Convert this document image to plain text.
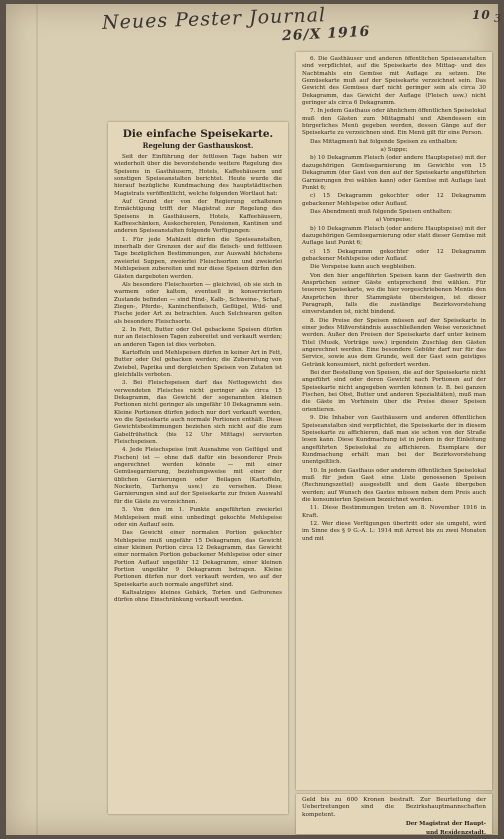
Neues Pester Journal
26/X 1916
10 3
Die einfache Speisekarte.
Regelung der Gasthauskost.

Seit der Einführung der fettlosen Tage haben wir wiederholt über die bevorstehende weitere Regelung des Speisens in Gasthäusern, Hotels, Kaffeehäusern und sonstigen Speiseanstalten berichtet. Heute wurde die hierauf bezügliche Kundmachung des hauptstädtischen Magistrats veröffentlicht, welche folgenden Wortlaut hat:

Auf Grund der von der Regierung erhaltenen Ermächtigung trifft der Magistrat zur Regelung des Speisens in Gasthäusern, Hotels, Kaffeehäusern, Kaffeeschänken, Auskochereien, Pensionen, Kantinen und anderen Speiseanstalten folgende Verfügungen:

1. Für jede Mahlzeit dürfen die Speiseanstalten, innerhalb der Grenzen der auf die fleisch- und fettlosen Tage bezüglichen Bestimmungen, zur Auswahl höchstens zweierlei Suppen, zweierlei Fleischsorten und zweierlei Mehlspeisen zubereiten und nur diese Speisen dürfen den Gästen dargeboten werden.

Als besondere Fleischsorten — gleichviel, ob sie sich in warmem oder kaltem, eventuell in konserviertem Zustande befinden — sind Rind-, Kalb-, Schweine-, Schaf-, Ziegen-, Pferde-, Kaninchenfleisch, Geflügel, Wild- und Fische jeder Art zu betrachten. Auch Selchwaren gelten als besondere Fleischsorte.

2. In Fett, Butter oder Oel gebackene Speisen dürfen nur an fleischlosen Tagen zubereitet und verkauft werden; an anderen Tagen ist dies verboten.

Kartoffeln und Mehlspeisen dürfen in keiner Art in Fett, Butter oder Oel gebacken werden; die Zubereitung von Zwiebel, Paprika und dergleichen Speisen von Zutaten ist gleichfalls verboten.

3. Bei Fleischspeisen darf das Nettogewicht des verwendeten Fleisches nicht geringer als circa 15 Dekagramm, das Gewicht der sogenannten kleinen Portionen nicht geringer als ungefähr 10 Dekagramm sein. Kleine Portionen dürfen jedoch nur dort verkauft werden, wo die Speisekarte auch normale Portionen enthält. Diese Gewichtsbestimmungen beziehen sich nicht auf die zum Gabelfrühstück (bis 12 Uhr Mittags) servierten Fleischspeisen.

4. Jede Fleischspeise (mit Ausnahme von Geflügel und Fischen) ist — ohne daß dafür ein besonderer Preis angerechnet werden könnte — mit einer Gemüsegarnierung, beziehungsweise mit einer der üblichen Garnierungen oder Beilagen (Kartoffeln, Nockerln, Tarhonya usw.) zu versehen. Diese Garnierungen sind auf der Speisekarte zur freien Auswahl für die Gäste zu verzeichnen.

5. Von den im 1. Punkte angeführten zweierlei Mehlspeisen muß eine unbedingt gekochte Mehlspeise oder ein Auflauf sein.

Das Gewicht einer normalen Portion gekochter Mehlspeise muß ungefähr 15 Dekagramm, das Gewicht einer kleinen Portion circa 12 Dekagramm, das Gewicht einer normalen Portion gebackener Mehlspeise oder einer Portion Auflauf ungefähr 12 Dekagramm, einer kleinen Portion ungefähr 9 Dekagramm betragen. Kleine Portionen dürfen nur dort verkauft werden, wo auf der Speisekarte auch normale angeführt sind.

Kaltsalziges kleines Gebäck, Torten und Gefrorenes dürfen ohne Einschränkung verkauft werden.

6. Die Gasthäuser und anderen öffentlichen Speiseanstalten sind verpflichtet, auf die Speisekarte des Mittag- und des Nachtmahls ein Gemüse mit Auflage zu setzen. Die Gemüsekarte muß auf der Speisekarte verzeichnet sein. Das Gewicht des Gemüses darf nicht geringer sein als circa 30 Dekagramm, das Gewicht der Auflage (Fleisch usw.) nicht geringer als circa 6 Dekagramm.

7. In jedem Gasthaus oder ähnlichem öffentlichen Speiselokal muß den Gästen zum Mittagmahl und Abendessen ein bürgerliches Menü gegeben werden, dessen Gänge auf der Speisekarte zu verzeichnen sind. Ein Menü gilt für eine Person.

Das Mittagmenü hat folgende Speisen zu enthalten:

a) Suppe;

b) 10 Dekagramm Fleisch (oder andere Hauptspeise) mit der dazugehörigen Gemüsegarnierung im Gewichte von 15 Dekagramm (der Gast von den auf der Speisekarte angeführten Garnierungen frei wählen kann) oder Gemüse mit Auflage laut Punkt 6;

c) 15 Dekagramm gekochter oder 12 Dekagramm gebackener Mehlspeise oder Auflauf.

Das Abendmenü muß folgende Speisen enthalten:

a) Vorspeise;

b) 10 Dekagramm Fleisch (oder andere Hauptspeise) mit der dazugehörigen Gemüsegarnierung oder statt dieser Gemüse mit Auflage laut Punkt 6;

c) 15 Dekagramm gekochter oder 12 Dekagramm gebackener Mehlspeise oder Auflauf.

Die Vorspeise kann auch wegbleiben.

Von den hier angeführten Speisen kann der Gastwirth den Ansprüchen seiner Gäste entsprechend frei wählen. Für teuerere Speisekarte, wo die hier vorgeschriebenen Menüs den Ansprüchen ihrer Stammgäste übersteigen, ist dieser Paragraph, falls die zuständige Bezirksvorstehung einverstanden ist, nicht bindend.

8. Die Preise der Speisen müssen auf der Speisekarte in einer jedes Mißverständnis ausschließenden Weise verzeichnet werden. Außer den Preisen der Speisekarte darf unter keinem Titel (Musik, Vorträge usw.) irgendein Zuschlag den Gästen angerechnet werden. Eine besondere Gebühr darf nur für das Service, sowie aus dem Grunde, weil der Gast sein geistiges Getränk konsumiert, nicht gefordert werden.

Bei der Bestellung von Speisen, die auf der Speisekarte nicht angeführt sind oder deren Gewicht nach Portionen auf der Speisekarte nicht angegeben werden können (z. B. bei ganzen Fischen, bei Obst, Butter und anderen Spezialitäten), muß man die Gäste im Vorhinein über die Preise dieser Speisen orientieren.

9. Die Inhaber von Gasthäusern und anderen öffentlichen Speiseanstalten sind verpflichtet, die Speisekarte der in diesem Speisekarte zu affichieren, daß man sie schon von der Straße lesen kann. Diese Kundmachung ist in jedem in der Einleitung angeführten Speiselokal zu affichieren. Exemplare der Kundmachung erhält man bei der Bezirksvorstehung unentgeltlich.

10. In jedem Gasthaus oder anderem öffentlichen Speiselokal muß für jeden Gast eine Liste genossenen Speisen (Rechnungszettel) ausgestellt und dem Gaste übergeben werden; auf Wunsch des Gastes müssen neben dem Preis auch die konsumierten Speisen bezeichnet werden.

11. Diese Bestimmungen treten am 8. November 1916 in Kraft.

12. Wer diese Verfügungen übertritt oder sie umgeht, wird im Sinne des § 9 G.-A. L: 1914 mit Arrest bis zu zwei Monaten und mit

Geld bis zu 600 Kronen bestraft. Zur Beurteilung der Uebertretungen sind die Bezirkshauptmannschaften kompetent.

Der Magistrat der Haupt-

und Residenzstadt.
